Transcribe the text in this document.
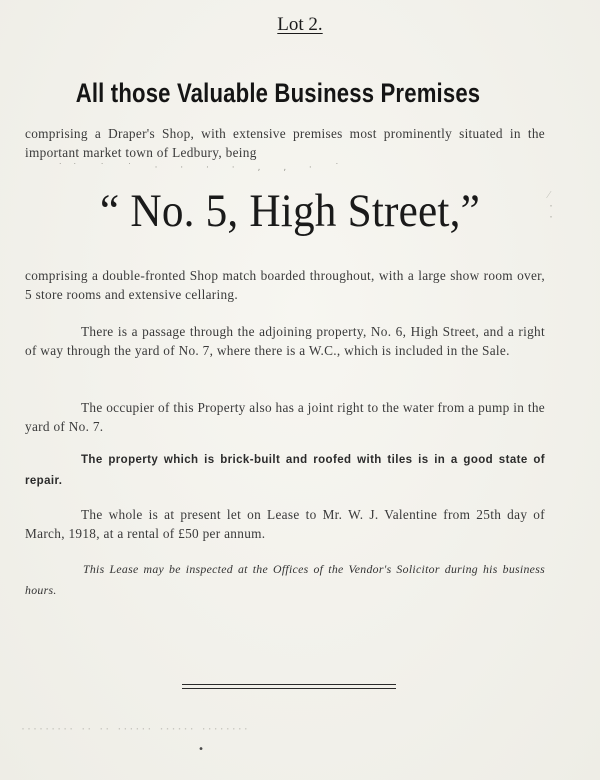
Lot 2.
All those Valuable Business Premises
comprising a Draper's Shop, with extensive premises most prominently situated in the important market town of Ledbury, being
˙˙ ˙ ˙ · · · · ‚ ‚ · ˙
“ No. 5, High Street,”
comprising a double-fronted Shop match boarded throughout, with a large show room over, 5 store rooms and extensive cellaring.
There is a passage through the adjoining property, No. 6, High Street, and a right of way through the yard of No. 7, where there is a W.C., which is included in the Sale.
The occupier of this Property also has a joint right to the water from a pump in the yard of No. 7.
The property which is brick-built and roofed with tiles is in a good state of repair.
The whole is at present let on Lease to Mr. W. J. Valentine from 25th day of March, 1918, at a rental of £50 per annum.
This Lease may be inspected at the Offices of the Vendor's Solicitor during his business hours.
········· ·· ·· ······ ······ ········
•
⁄
·
·
